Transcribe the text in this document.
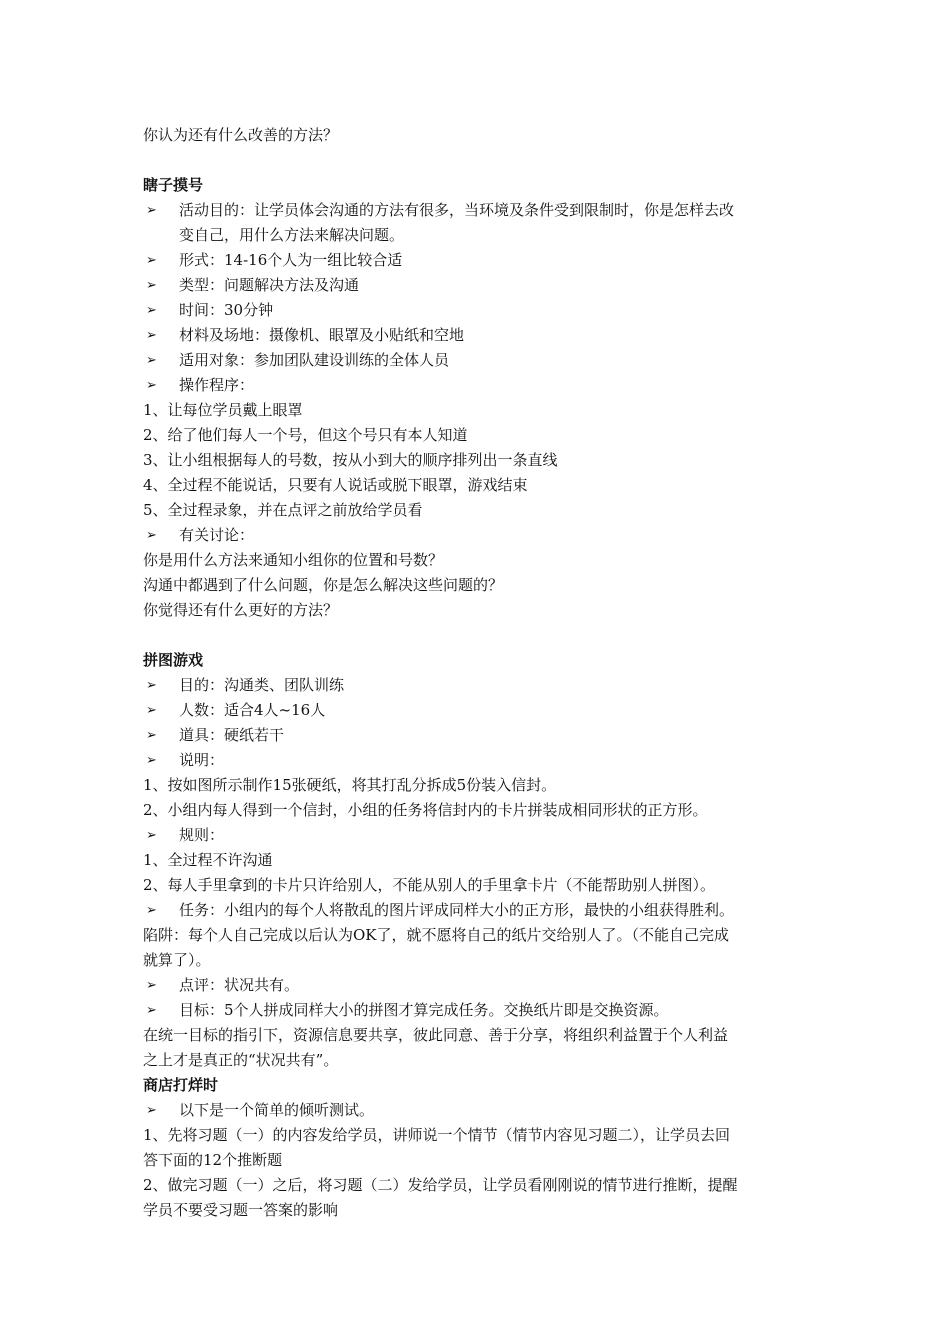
你认为还有什么改善的方法？
瞎子摸号
➢	活动目的：让学员体会沟通的方法有很多，当环境及条件受到限制时，你是怎样去改
变自己，用什么方法来解决问题。
➢	形式：14-16个人为一组比较合适
➢	类型：问题解决方法及沟通
➢	时间：30分钟
➢	材料及场地：摄像机、眼罩及小贴纸和空地
➢	适用对象：参加团队建设训练的全体人员
➢	操作程序：
1、让每位学员戴上眼罩
2、给了他们每人一个号，但这个号只有本人知道
3、让小组根据每人的号数，按从小到大的顺序排列出一条直线
4、全过程不能说话，只要有人说话或脱下眼罩，游戏结束
5、全过程录象，并在点评之前放给学员看
➢	有关讨论：
你是用什么方法来通知小组你的位置和号数？
沟通中都遇到了什么问题，你是怎么解决这些问题的？
你觉得还有什么更好的方法？
拼图游戏
➢	目的：沟通类、团队训练
➢	人数：适合4人~16人
➢	道具：硬纸若干
➢	说明：
1、按如图所示制作15张硬纸，将其打乱分拆成5份装入信封。
2、小组内每人得到一个信封，小组的任务将信封内的卡片拼装成相同形状的正方形。
➢	规则：
1、全过程不许沟通
2、每人手里拿到的卡片只许给别人，不能从别人的手里拿卡片（不能帮助别人拼图）。
➢	任务：小组内的每个人将散乱的图片评成同样大小的正方形，最快的小组获得胜利。
陷阱：每个人自己完成以后认为OK了，就不愿将自己的纸片交给别人了。（不能自己完成
就算了）。
➢	点评：状况共有。
➢	目标：5个人拼成同样大小的拼图才算完成任务。交换纸片即是交换资源。
在统一目标的指引下，资源信息要共享，彼此同意、善于分享，将组织利益置于个人利益
之上才是真正的“状况共有”。
商店打烊时
➢	以下是一个简单的倾听测试。
1、先将习题（一）的内容发给学员，讲师说一个情节（情节内容见习题二），让学员去回
答下面的12个推断题
2、做完习题（一）之后，将习题（二）发给学员，让学员看刚刚说的情节进行推断，提醒
学员不要受习题一答案的影响
